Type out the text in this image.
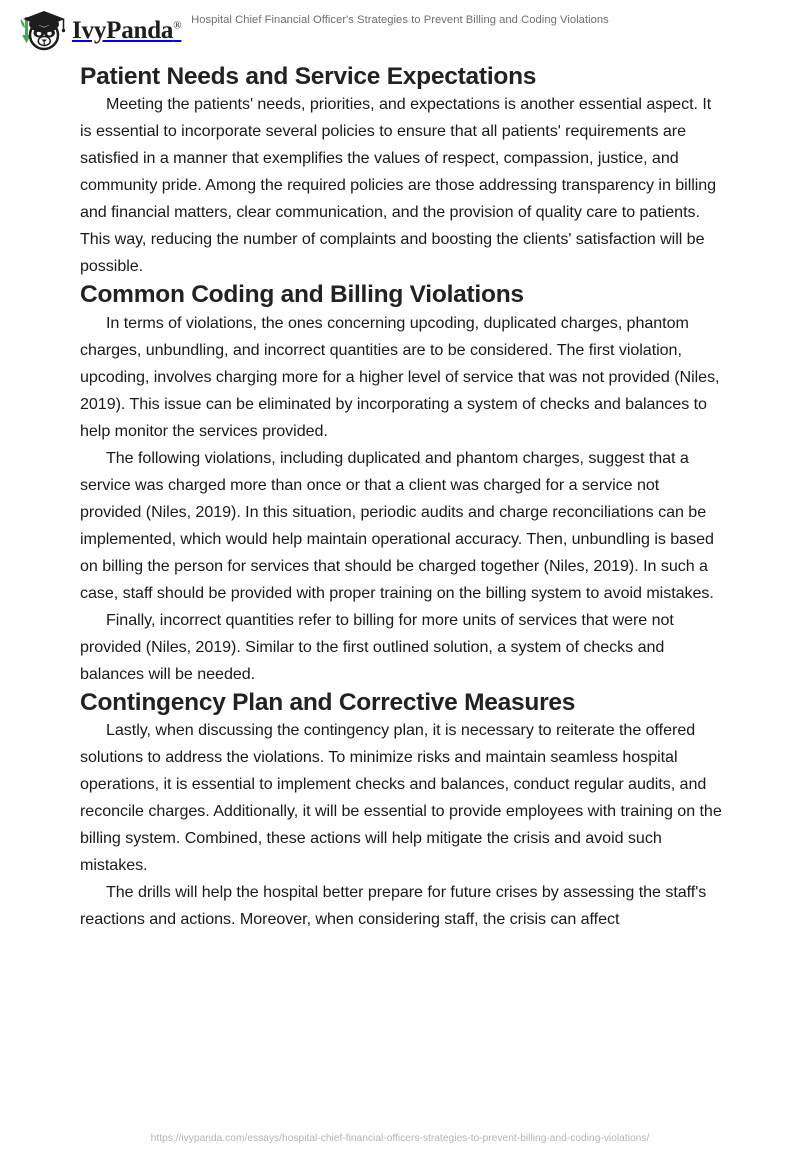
IvyPanda® Hospital Chief Financial Officer's Strategies to Prevent Billing and Coding Violations
Patient Needs and Service Expectations

Meeting the patients' needs, priorities, and expectations is another essential aspect. It is essential to incorporate several policies to ensure that all patients' requirements are satisfied in a manner that exemplifies the values of respect, compassion, justice, and community pride. Among the required policies are those addressing transparency in billing and financial matters, clear communication, and the provision of quality care to patients. This way, reducing the number of complaints and boosting the clients' satisfaction will be possible.

Common Coding and Billing Violations

In terms of violations, the ones concerning upcoding, duplicated charges, phantom charges, unbundling, and incorrect quantities are to be considered. The first violation, upcoding, involves charging more for a higher level of service that was not provided (Niles, 2019). This issue can be eliminated by incorporating a system of checks and balances to help monitor the services provided.

The following violations, including duplicated and phantom charges, suggest that a service was charged more than once or that a client was charged for a service not provided (Niles, 2019). In this situation, periodic audits and charge reconciliations can be implemented, which would help maintain operational accuracy. Then, unbundling is based on billing the person for services that should be charged together (Niles, 2019). In such a case, staff should be provided with proper training on the billing system to avoid mistakes.

Finally, incorrect quantities refer to billing for more units of services that were not provided (Niles, 2019). Similar to the first outlined solution, a system of checks and balances will be needed.

Contingency Plan and Corrective Measures

Lastly, when discussing the contingency plan, it is necessary to reiterate the offered solutions to address the violations. To minimize risks and maintain seamless hospital operations, it is essential to implement checks and balances, conduct regular audits, and reconcile charges. Additionally, it will be essential to provide employees with training on the billing system. Combined, these actions will help mitigate the crisis and avoid such mistakes.

The drills will help the hospital better prepare for future crises by assessing the staff's reactions and actions. Moreover, when considering staff, the crisis can affect

https://ivypanda.com/essays/hospital-chief-financial-officers-strategies-to-prevent-billing-and-coding-violations/
